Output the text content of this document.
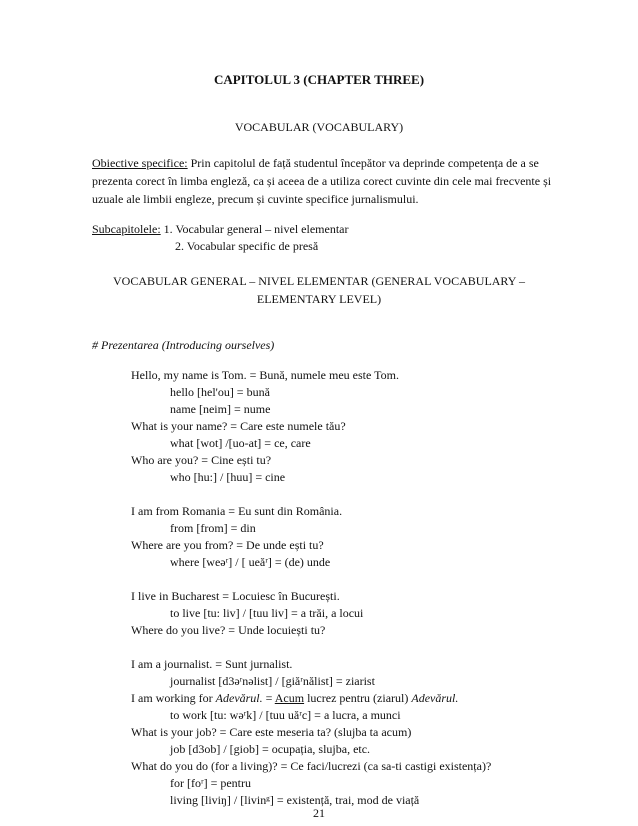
CAPITOLUL 3 (CHAPTER THREE)
VOCABULAR (VOCABULARY)
Obiective specifice: Prin capitolul de față studentul începător va deprinde competența de a se prezenta corect în limba engleză, ca și aceea de a utiliza corect cuvinte din cele mai frecvente și uzuale ale limbii engleze, precum și cuvinte specifice jurnalismului.
Subcapitolele: 1. Vocabular general – nivel elementar
2. Vocabular specific de presă
VOCABULAR GENERAL – NIVEL ELEMENTAR (GENERAL VOCABULARY –
ELEMENTARY LEVEL)
# Prezentarea (Introducing ourselves)
Hello, my name is Tom. = Bună, numele meu este Tom.
hello [hel'ou] = bună
name [neim] = nume
What is your name? = Care este numele tău?
what [wot] /[uo-at] = ce, care
Who are you? = Cine ești tu?
who [hu:] / [huu] = cine
I am from Romania = Eu sunt din România.
from [from] = din
Where are you from? = De unde ești tu?
where [weəʳ] / [ ueăʳ] = (de) unde
I live in Bucharest = Locuiesc în București.
to live [tu: liv] / [tuu liv] = a trăi, a locui
Where do you live? = Unde locuiești tu?
I am a journalist. = Sunt jurnalist.
journalist [d3əʳnəlist] / [giăʳnălist] = ziarist
I am working for Adevărul. = Acum lucrez pentru (ziarul) Adevărul.
to work [tu: wəʳk] / [tuu uăʳc] = a lucra, a munci
What is your job? = Care este meseria ta? (slujba ta acum)
job [d3ob] / [giob] = ocupația, slujba, etc.
What do you do (for a living)? = Ce faci/lucrezi (ca sa-ti castigi existența)?
for [foʳ] = pentru
living [liviŋ] / [livinᵍ] = existență, trai, mod de viață
21
